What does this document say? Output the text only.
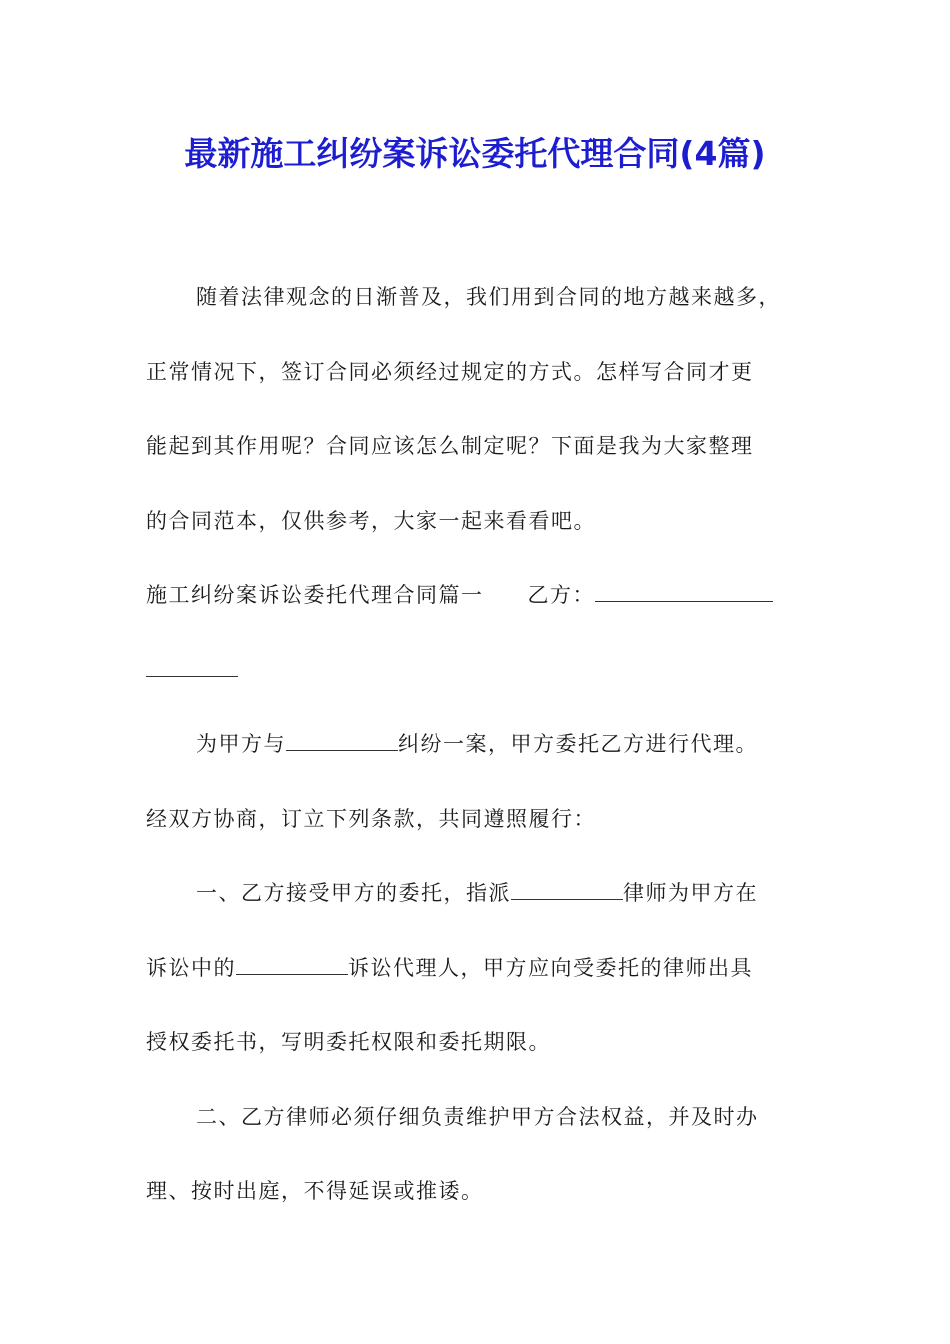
最新施工纠纷案诉讼委托代理合同(4篇)
随着法律观念的日渐普及，我们用到合同的地方越来越多，
正常情况下，签订合同必须经过规定的方式。怎样写合同才更
能起到其作用呢？合同应该怎么制定呢？下面是我为大家整理
的合同范本，仅供参考，大家一起来看看吧。
施工纠纷案诉讼委托代理合同篇一 乙方：
为甲方与	纠纷一案，甲方委托乙方进行代理。
经双方协商，订立下列条款，共同遵照履行：
一、乙方接受甲方的委托，指派	律师为甲方在
诉讼中的	诉讼代理人，甲方应向受委托的律师出具
授权委托书，写明委托权限和委托期限。
二、乙方律师必须仔细负责维护甲方合法权益，并及时办
理、按时出庭，不得延误或推诿。
